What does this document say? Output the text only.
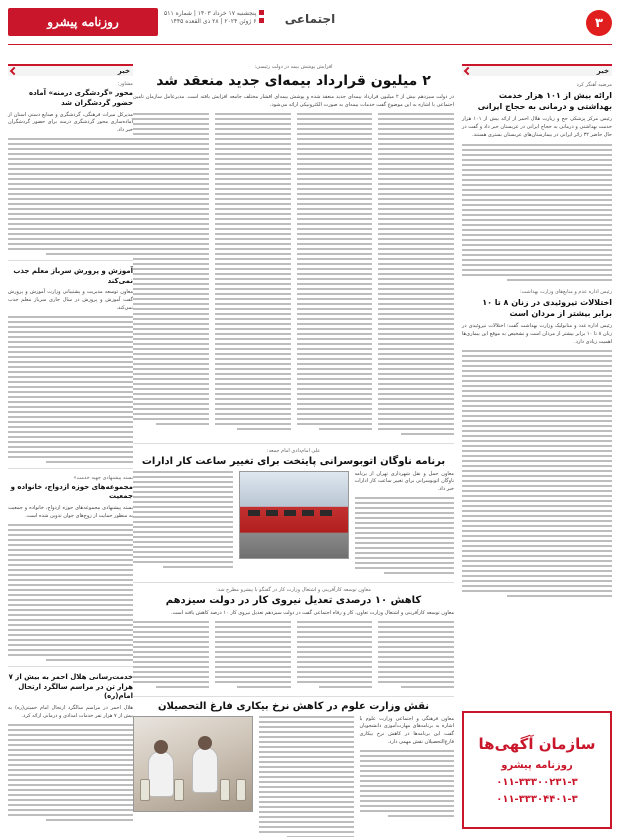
۳
اجتماعی
پنجشنبه ۱۷ خرداد ۱۴۰۳ | شماره ۵۱۱
۶ ژوئن ۲۰۲۴ | ۲۸ ذی القعده ۱۴۴۵
روزنامه پیشرو
خبر
مرضیه آهنگر کرد
ارائه بیش از ۱۰۱ هزار خدمت بهداشتی و درمانی به حجاج ایرانی
رئیس مرکز پزشکی حج و زیارت هلال احمر از ارائه بیش از ۱۰۱ هزار خدمت بهداشتی و درمانی به حجاج ایرانی در عربستان خبر داد و گفت در حال حاضر ۳۲ زائر ایرانی در بیمارستان‌های عربستان بستری هستند.
رئیس اداره عدم و منابع‌های وزارت بهداشت:
اختلالات تیروئیدی در زنان ۸ تا ۱۰ برابر بیشتر از مردان است
رئیس اداره غدد و متابولیک وزارت بهداشت گفت: اختلالات تیروئیدی در زنان ۸ تا ۱۰ برابر بیشتر از مردان است و تشخیص به موقع این بیماری‌ها اهمیت زیادی دارد.
افزایش پوشش بیمه در دولت رئیسی:
۲ میلیون قرارداد بیمه‌ای جدید منعقد شد
در دولت سیزدهم بیش از ۲ میلیون قرارداد بیمه‌ای جدید منعقد شده و پوشش بیمه‌ای اقشار مختلف جامعه افزایش یافته است. مدیرعامل سازمان تامین اجتماعی با اشاره به این موضوع گفت خدمات بیمه‌ای به صورت الکترونیکی ارائه می‌شود.
علی امام‌دادی امام جمعه:
برنامه ناوگان اتوبوسرانی پایتخت برای تغییر ساعت کار ادارات
معاون حمل و نقل شهرداری تهران از برنامه ناوگان اتوبوسرانی برای تغییر ساعت کار ادارات خبر داد.
معاون توسعه کارآفرینی و اشتغال وزارت کار در گفتگو با پیشرو مطرح شد:
کاهش ۱۰ درصدی تعدیل نیروی کار در دولت سیزدهم
معاون توسعه کارآفرینی و اشتغال وزارت تعاون، کار و رفاه اجتماعی گفت در دولت سیزدهم تعدیل نیروی کار ۱۰ درصد کاهش یافته است.
نقش وزارت علوم در کاهش نرخ بیکاری فارغ التحصیلان
معاون فرهنگی و اجتماعی وزارت علوم با اشاره به برنامه‌های مهارت‌آموزی دانشجویان گفت این برنامه‌ها در کاهش نرخ بیکاری فارغ‌التحصیلان نقش مهمی دارد.
خبر
مشاور:
محور «گردشگری درمنه» آماده حضور گردشگران شد
مدیرکل میراث فرهنگی، گردشگری و صنایع دستی استان از آماده‌سازی محور گردشگری درمنه برای حضور گردشگران خبر داد.
آموزش و پرورش سرباز معلم جذب نمی‌کند
معاون توسعه مدیریت و پشتیبانی وزارت آموزش و پرورش گفت آموزش و پرورش در سال جاری سرباز معلم جذب نمی‌کند.
بسته پیشنهادی جهیه خدمت»
مجموعه‌های حوزه ازدواج، خانواده و جمعیت
بسته پیشنهادی مجموعه‌های حوزه ازدواج، خانواده و جمعیت به منظور حمایت از زوج‌های جوان تدوین شده است.
خدمت‌رسانی هلال احمر به بیش از ۷ هزار تن در مراسم سالگرد ارتحال امام(ره)
هلال احمر در مراسم سالگرد ارتحال امام خمینی(ره) به بیش از ۷ هزار نفر خدمات امدادی و درمانی ارائه کرد.
سازمان آگهی‌ها
روزنامه پیشرو
۰۱۱-۳۳۳۰۰۲۳۱-۳
۰۱۱-۳۳۳۰۴۴۰۱-۳
